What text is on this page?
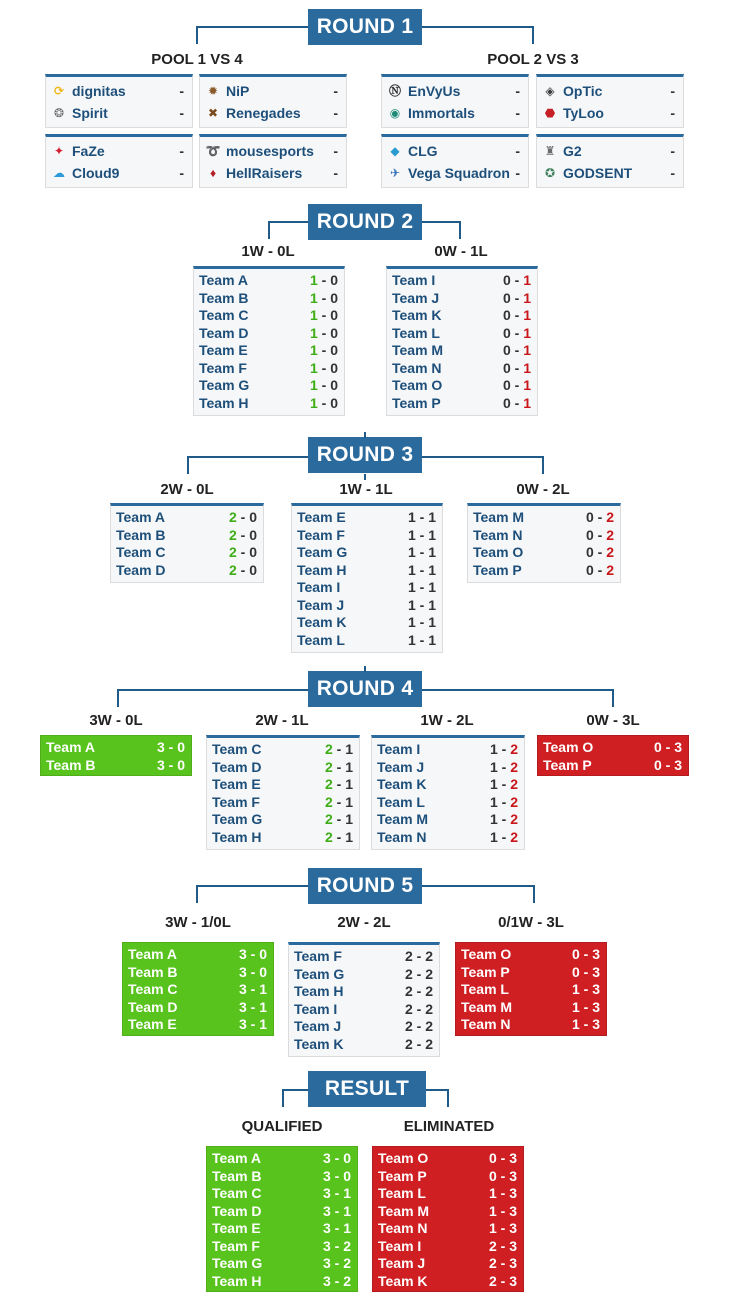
ROUND 1
ROUND 2
ROUND 3
ROUND 4
ROUND 5
RESULT
POOL 1 VS 4
⟳ dignitas	-
❂ Spirit	-
✹ NiP	-
✖ Renegades -
✦ FaZe	-
☁ Cloud9	-
➰ mousesports -
♦ HellRaisers -
POOL 2 VS 3
Ⓝ EnVyUs	-
◉ Immortals	-
◈ OpTic	-
⬣ TyLoo	-
◆ CLG	-
✈ Vega Squadron -
♜ G2	-
✪ GODSENT	-
1W - 0L
Team A	1 - 0
Team B	1 - 0
Team C	1 - 0
Team D	1 - 0
Team E	1 - 0
Team F	1 - 0
Team G	1 - 0
Team H	1 - 0
0W - 1L
Team I	0 - 1
Team J	0 - 1
Team K	0 - 1
Team L	0 - 1
Team M	0 - 1
Team N	0 - 1
Team O	0 - 1
Team P	0 - 1
2W - 0L
Team A	2 - 0
Team B	2 - 0
Team C	2 - 0
Team D	2 - 0
1W - 1L
Team E	1 - 1
Team F	1 - 1
Team G	1 - 1
Team H	1 - 1
Team I	1 - 1
Team J	1 - 1
Team K	1 - 1
Team L	1 - 1
0W - 2L
Team M	0 - 2
Team N	0 - 2
Team O	0 - 2
Team P	0 - 2
3W - 0L
Team A	3 - 0
Team B	3 - 0
2W - 1L
Team C	2 - 1
Team D	2 - 1
Team E	2 - 1
Team F	2 - 1
Team G	2 - 1
Team H	2 - 1
1W - 2L
Team I	1 - 2
Team J	1 - 2
Team K	1 - 2
Team L	1 - 2
Team M	1 - 2
Team N	1 - 2
0W - 3L
Team O	0 - 3
Team P	0 - 3
3W - 1/0L
Team A	3 - 0
Team B	3 - 0
Team C	3 - 1
Team D	3 - 1
Team E	3 - 1
2W - 2L
Team F	2 - 2
Team G	2 - 2
Team H	2 - 2
Team I	2 - 2
Team J	2 - 2
Team K	2 - 2
0/1W - 3L
Team O	0 - 3
Team P	0 - 3
Team L	1 - 3
Team M	1 - 3
Team N	1 - 3
QUALIFIED
Team A	3 - 0
Team B	3 - 0
Team C	3 - 1
Team D	3 - 1
Team E	3 - 1
Team F	3 - 2
Team G	3 - 2
Team H	3 - 2
ELIMINATED
Team O	0 - 3
Team P	0 - 3
Team L	1 - 3
Team M	1 - 3
Team N	1 - 3
Team I	2 - 3
Team J	2 - 3
Team K	2 - 3
